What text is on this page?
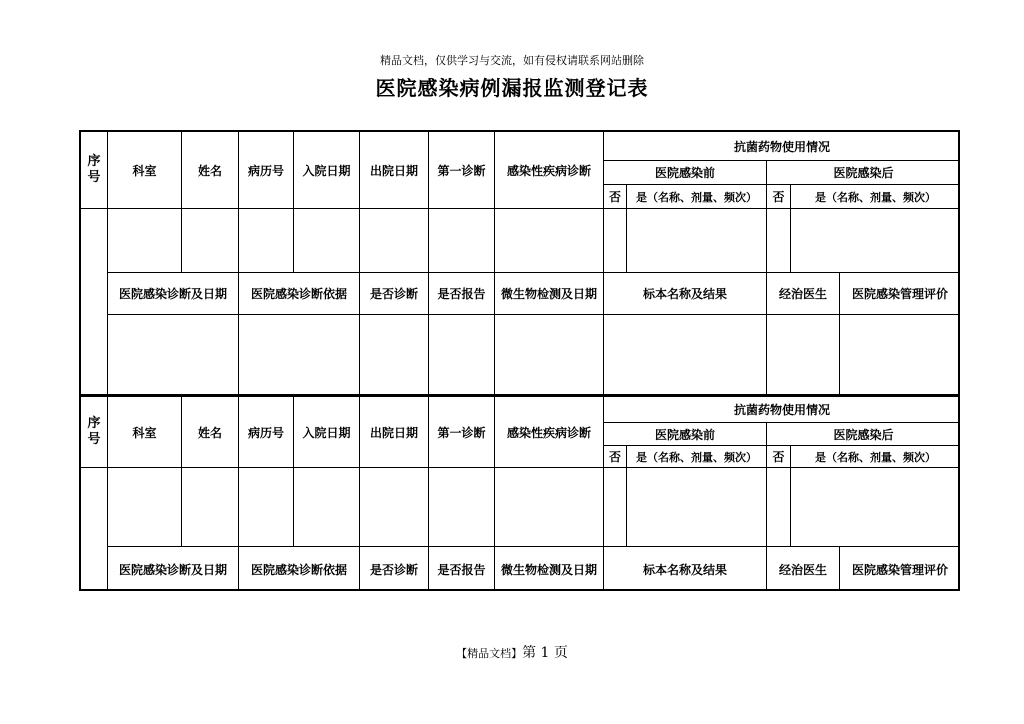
精品文档，仅供学习与交流，如有侵权请联系网站删除
医院感染病例漏报监测登记表
序号	科室	姓名	病历号	入院日期	出院日期	第一诊断	感染性疾病诊断
抗菌药物使用情况
医院感染前	医院感染后
否	是（名称、剂量、频次）	否	是（名称、剂量、频次）
医院感染诊断及日期	医院感染诊断依据	是否诊断	是否报告	微生物检测及日期	标本名称及结果	经治医生	医院感染管理评价
序号	科室	姓名	病历号	入院日期	出院日期	第一诊断	感染性疾病诊断
抗菌药物使用情况
医院感染前	医院感染后
否	是（名称、剂量、频次）	否	是（名称、剂量、频次）
医院感染诊断及日期	医院感染诊断依据	是否诊断	是否报告	微生物检测及日期	标本名称及结果	经治医生	医院感染管理评价
【精品文档】第 1 页
